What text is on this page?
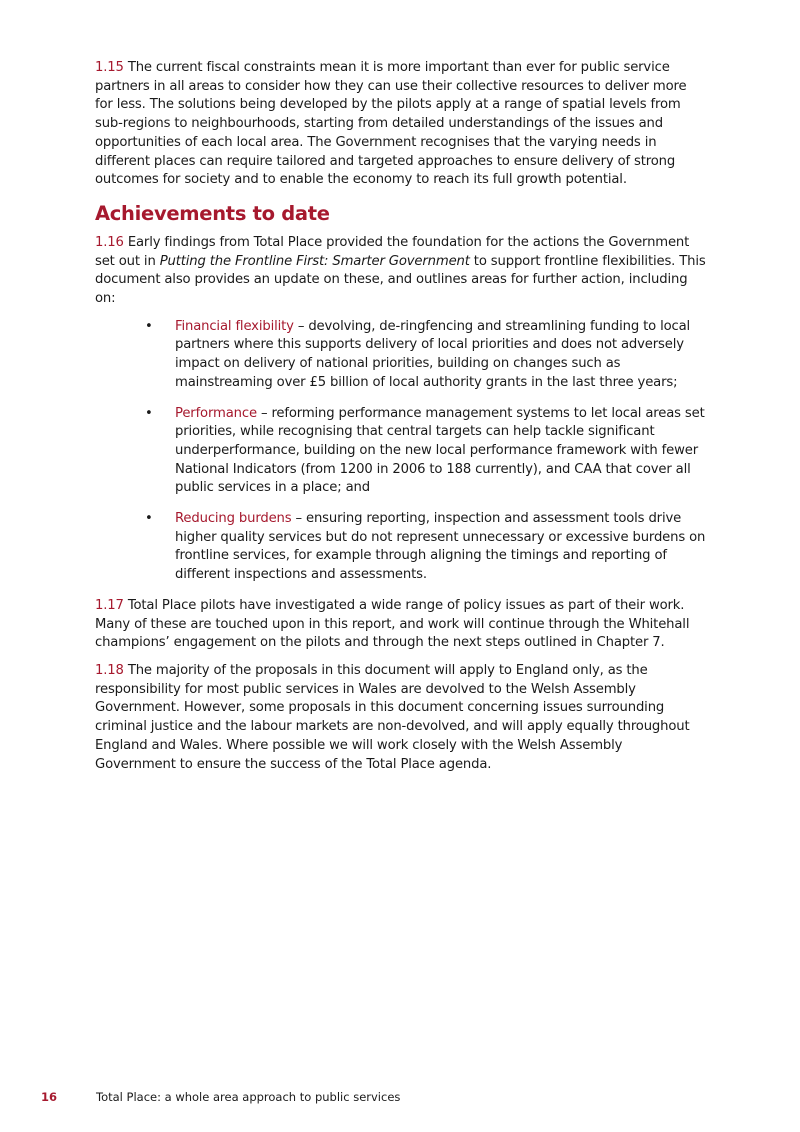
1.15 The current fiscal constraints mean it is more important than ever for public service partners in all areas to consider how they can use their collective resources to deliver more for less. The solutions being developed by the pilots apply at a range of spatial levels from sub-regions to neighbourhoods, starting from detailed understandings of the issues and opportunities of each local area. The Government recognises that the varying needs in different places can require tailored and targeted approaches to ensure delivery of strong outcomes for society and to enable the economy to reach its full growth potential.

Achievements to date

1.16 Early findings from Total Place provided the foundation for the actions the Government set out in Putting the Frontline First: Smarter Government to support frontline flexibilities. This document also provides an update on these, and outlines areas for further action, including on:

• Financial flexibility – devolving, de-ringfencing and streamlining funding to local partners where this supports delivery of local priorities and does not adversely impact on delivery of national priorities, building on changes such as mainstreaming over £5 billion of local authority grants in the last three years;
• Performance – reforming performance management systems to let local areas set priorities, while recognising that central targets can help tackle significant underperformance, building on the new local performance framework with fewer National Indicators (from 1200 in 2006 to 188 currently), and CAA that cover all public services in a place; and
• Reducing burdens – ensuring reporting, inspection and assessment tools drive higher quality services but do not represent unnecessary or excessive burdens on frontline services, for example through aligning the timings and reporting of different inspections and assessments.

1.17 Total Place pilots have investigated a wide range of policy issues as part of their work. Many of these are touched upon in this report, and work will continue through the Whitehall champions’ engagement on the pilots and through the next steps outlined in Chapter 7.

1.18 The majority of the proposals in this document will apply to England only, as the responsibility for most public services in Wales are devolved to the Welsh Assembly Government. However, some proposals in this document concerning issues surrounding criminal justice and the labour markets are non-devolved, and will apply equally throughout England and Wales. Where possible we will work closely with the Welsh Assembly Government to ensure the success of the Total Place agenda.

16	Total Place: a whole area approach to public services
